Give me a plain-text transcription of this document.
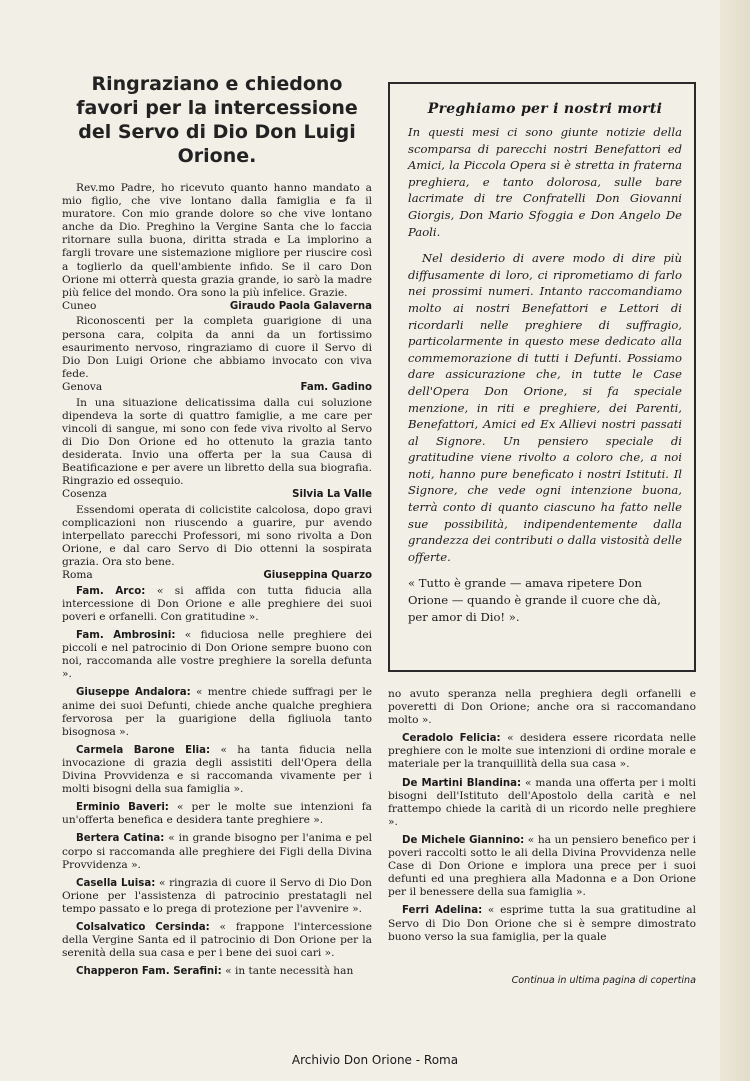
Ringraziano e chiedono favori per la intercessione del Servo di Dio Don Luigi Orione.

Rev.mo Padre, ho ricevuto quanto hanno mandato a mio figlio, che vive lontano dalla famiglia e fa il muratore. Con mio grande dolore so che vive lontano anche da Dio. Preghino la Vergine Santa che lo faccia ritornare sulla buona, diritta strada e La implorino a fargli trovare une sistemazione migliore per riuscire così a toglierlo da quell'ambiente infido. Se il caro Don Orione mi otterrà questa grazia grande, io sarò la madre più felice del mondo. Ora sono la più infelice. Grazie.

Cuneo	Giraudo Paola Galaverna

Riconoscenti per la completa guarigione di una persona cara, colpita da anni da un fortissimo esaurimento nervoso, ringraziamo di cuore il Servo di Dio Don Luigi Orione che abbiamo invocato con viva fede.

Genova	Fam. Gadino

In una situazione delicatissima dalla cui soluzione dipendeva la sorte di quattro famiglie, a me care per vincoli di sangue, mi sono con fede viva rivolto al Servo di Dio Don Orione ed ho ottenuto la grazia tanto desiderata. Invio una offerta per la sua Causa di Beatificazione e per avere un libretto della sua biografia. Ringrazio ed ossequio.

Cosenza	Silvia La Valle

Essendomi operata di colicistite calcolosa, dopo gravi complicazioni non riuscendo a guarire, pur avendo interpellato parecchi Professori, mi sono rivolta a Don Orione, e dal caro Servo di Dio ottenni la sospirata grazia. Ora sto bene.

Roma	Giuseppina Quarzo

Fam. Arco: « si affida con tutta fiducia alla intercessione di Don Orione e alle preghiere dei suoi poveri e orfanelli. Con gratitudine ».

Fam. Ambrosini: « fiduciosa nelle preghiere dei piccoli e nel patrocinio di Don Orione sempre buono con noi, raccomanda alle vostre preghiere la sorella defunta ».

Giuseppe Andalora: « mentre chiede suffragi per le anime dei suoi Defunti, chiede anche qualche preghiera fervorosa per la guarigione della figliuola tanto bisognosa ».

Carmela Barone Elia: « ha tanta fiducia nella invocazione di grazia degli assistiti dell'Opera della Divina Provvidenza e si raccomanda vivamente per i molti bisogni della sua famiglia ».

Erminio Baveri: « per le molte sue intenzioni fa un'offerta benefica e desidera tante preghiere ».

Bertera Catina: « in grande bisogno per l'anima e pel corpo si raccomanda alle preghiere dei Figli della Divina Provvidenza ».

Casella Luisa: « ringrazia di cuore il Servo di Dio Don Orione per l'assistenza di patrocinio prestatagli nel tempo passato e lo prega di protezione per l'avvenire ».

Colsalvatico Cersinda: « frappone l'intercessione della Vergine Santa ed il patrocinio di Don Orione per la serenità della sua casa e per i bene dei suoi cari ».

Chapperon Fam. Serafini: « in tante necessità han

Preghiamo per i nostri morti

In questi mesi ci sono giunte notizie della scomparsa di parecchi nostri Benefattori ed Amici, la Piccola Opera si è stretta in fraterna preghiera, e tanto dolorosa, sulle bare lacrimate di tre Confratelli Don Giovanni Giorgis, Don Mario Sfoggia e Don Angelo De Paoli.

Nel desiderio di avere modo di dire più diffusamente di loro, ci riprometiamo di farlo nei prossimi numeri. Intanto raccomandiamo molto ai nostri Benefattori e Lettori di ricordarli nelle preghiere di suffragio, particolarmente in questo mese dedicato alla commemorazione di tutti i Defunti. Possiamo dare assicurazione che, in tutte le Case dell'Opera Don Orione, si fa speciale menzione, in riti e preghiere, dei Parenti, Benefattori, Amici ed Ex Allievi nostri passati al Signore. Un pensiero speciale di gratitudine viene rivolto a coloro che, a noi noti, hanno pure beneficato i nostri Istituti. Il Signore, che vede ogni intenzione buona, terrà conto di quanto ciascuno ha fatto nelle sue possibilità, indipendentemente dalla grandezza dei contributi o dalla vistosità delle offerte.

« Tutto è grande — amava ripetere Don Orione — quando è grande il cuore che dà, per amor di Dio! ».

no avuto speranza nella preghiera degli orfanelli e poveretti di Don Orione; anche ora si raccomandano molto ».

Ceradolo Felicia: « desidera essere ricordata nelle preghiere con le molte sue intenzioni di ordine morale e materiale per la tranquillità della sua casa ».

De Martini Blandina: « manda una offerta per i molti bisogni dell'Istituto dell'Apostolo della carità e nel frattempo chiede la carità di un ricordo nelle preghiere ».

De Michele Giannino: « ha un pensiero benefico per i poveri raccolti sotto le ali della Divina Provvidenza nelle Case di Don Orione e implora una prece per i suoi defunti ed una preghiera alla Madonna e a Don Orione per il benessere della sua famiglia ».

Ferri Adelina: « esprime tutta la sua gratitudine al Servo di Dio Don Orione che si è sempre dimostrato buono verso la sua famiglia, per la quale

Continua in ultima pagina di copertina
Archivio Don Orione - Roma
